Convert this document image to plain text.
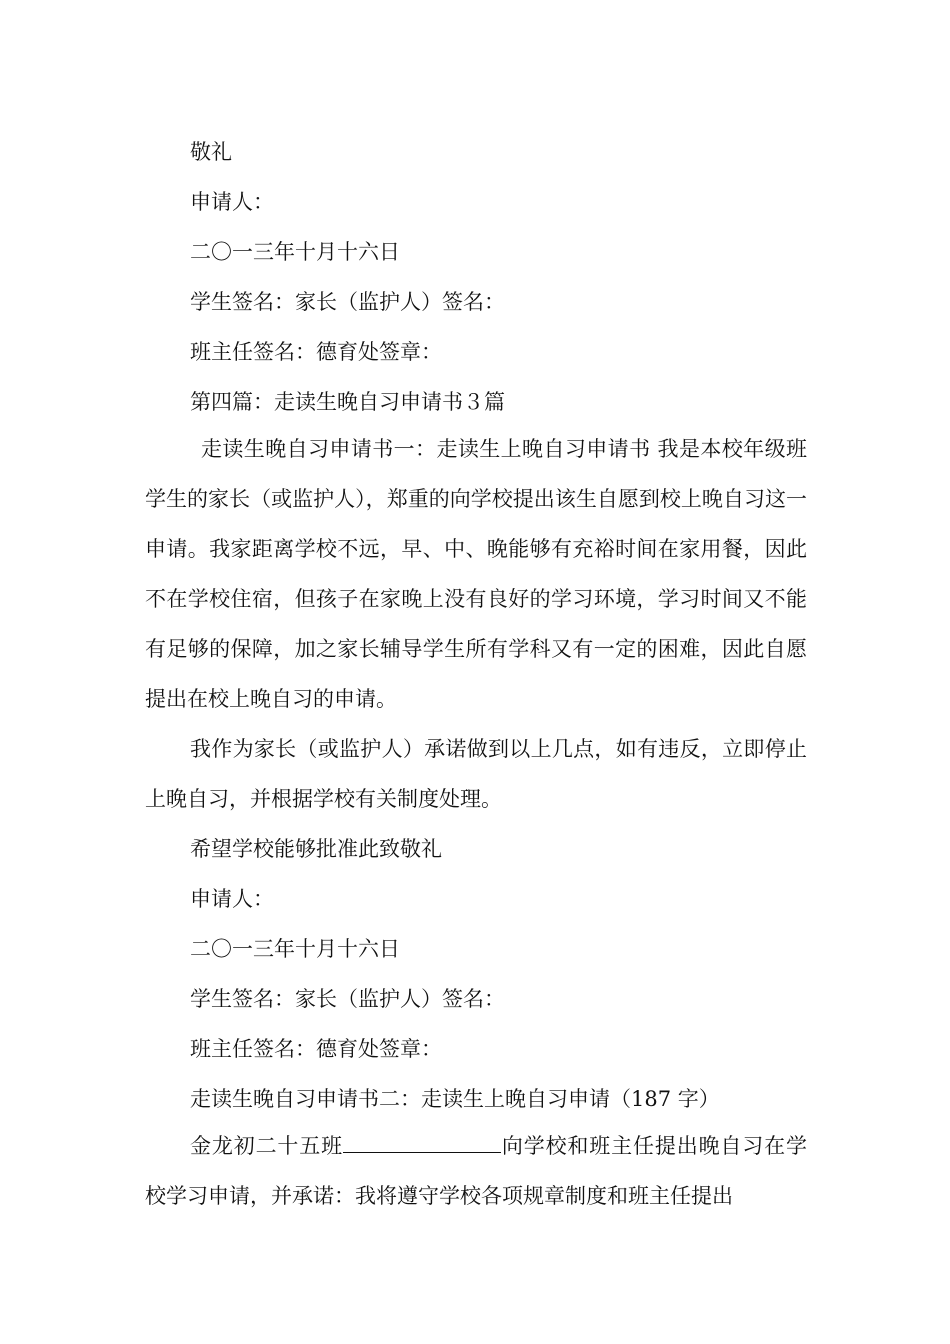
敬礼
申请人：
二〇一三年十月十六日
学生签名：家长（监护人）签名：
班主任签名：德育处签章：
第四篇：走读生晚自习申请书３篇
走读生晚自习申请书一：走读生上晚自习申请书 我是本校年级班学生的家长（或监护人），郑重的向学校提出该生自愿到校上晚自习这一申请。我家距离学校不远，早、中、晚能够有充裕时间在家用餐，因此不在学校住宿，但孩子在家晚上没有良好的学习环境，学习时间又不能有足够的保障，加之家长辅导学生所有学科又有一定的困难，因此自愿提出在校上晚自习的申请。
我作为家长（或监护人）承诺做到以上几点，如有违反，立即停止上晚自习，并根据学校有关制度处理。
希望学校能够批准此致敬礼
申请人：
二〇一三年十月十六日
学生签名：家长（监护人）签名：
班主任签名：德育处签章：
走读生晚自习申请书二：走读生上晚自习申请（187 字）
金龙初二十五班	向学校和班主任提出晚自习在学校学习申请，并承诺：我将遵守学校各项规章制度和班主任提出
